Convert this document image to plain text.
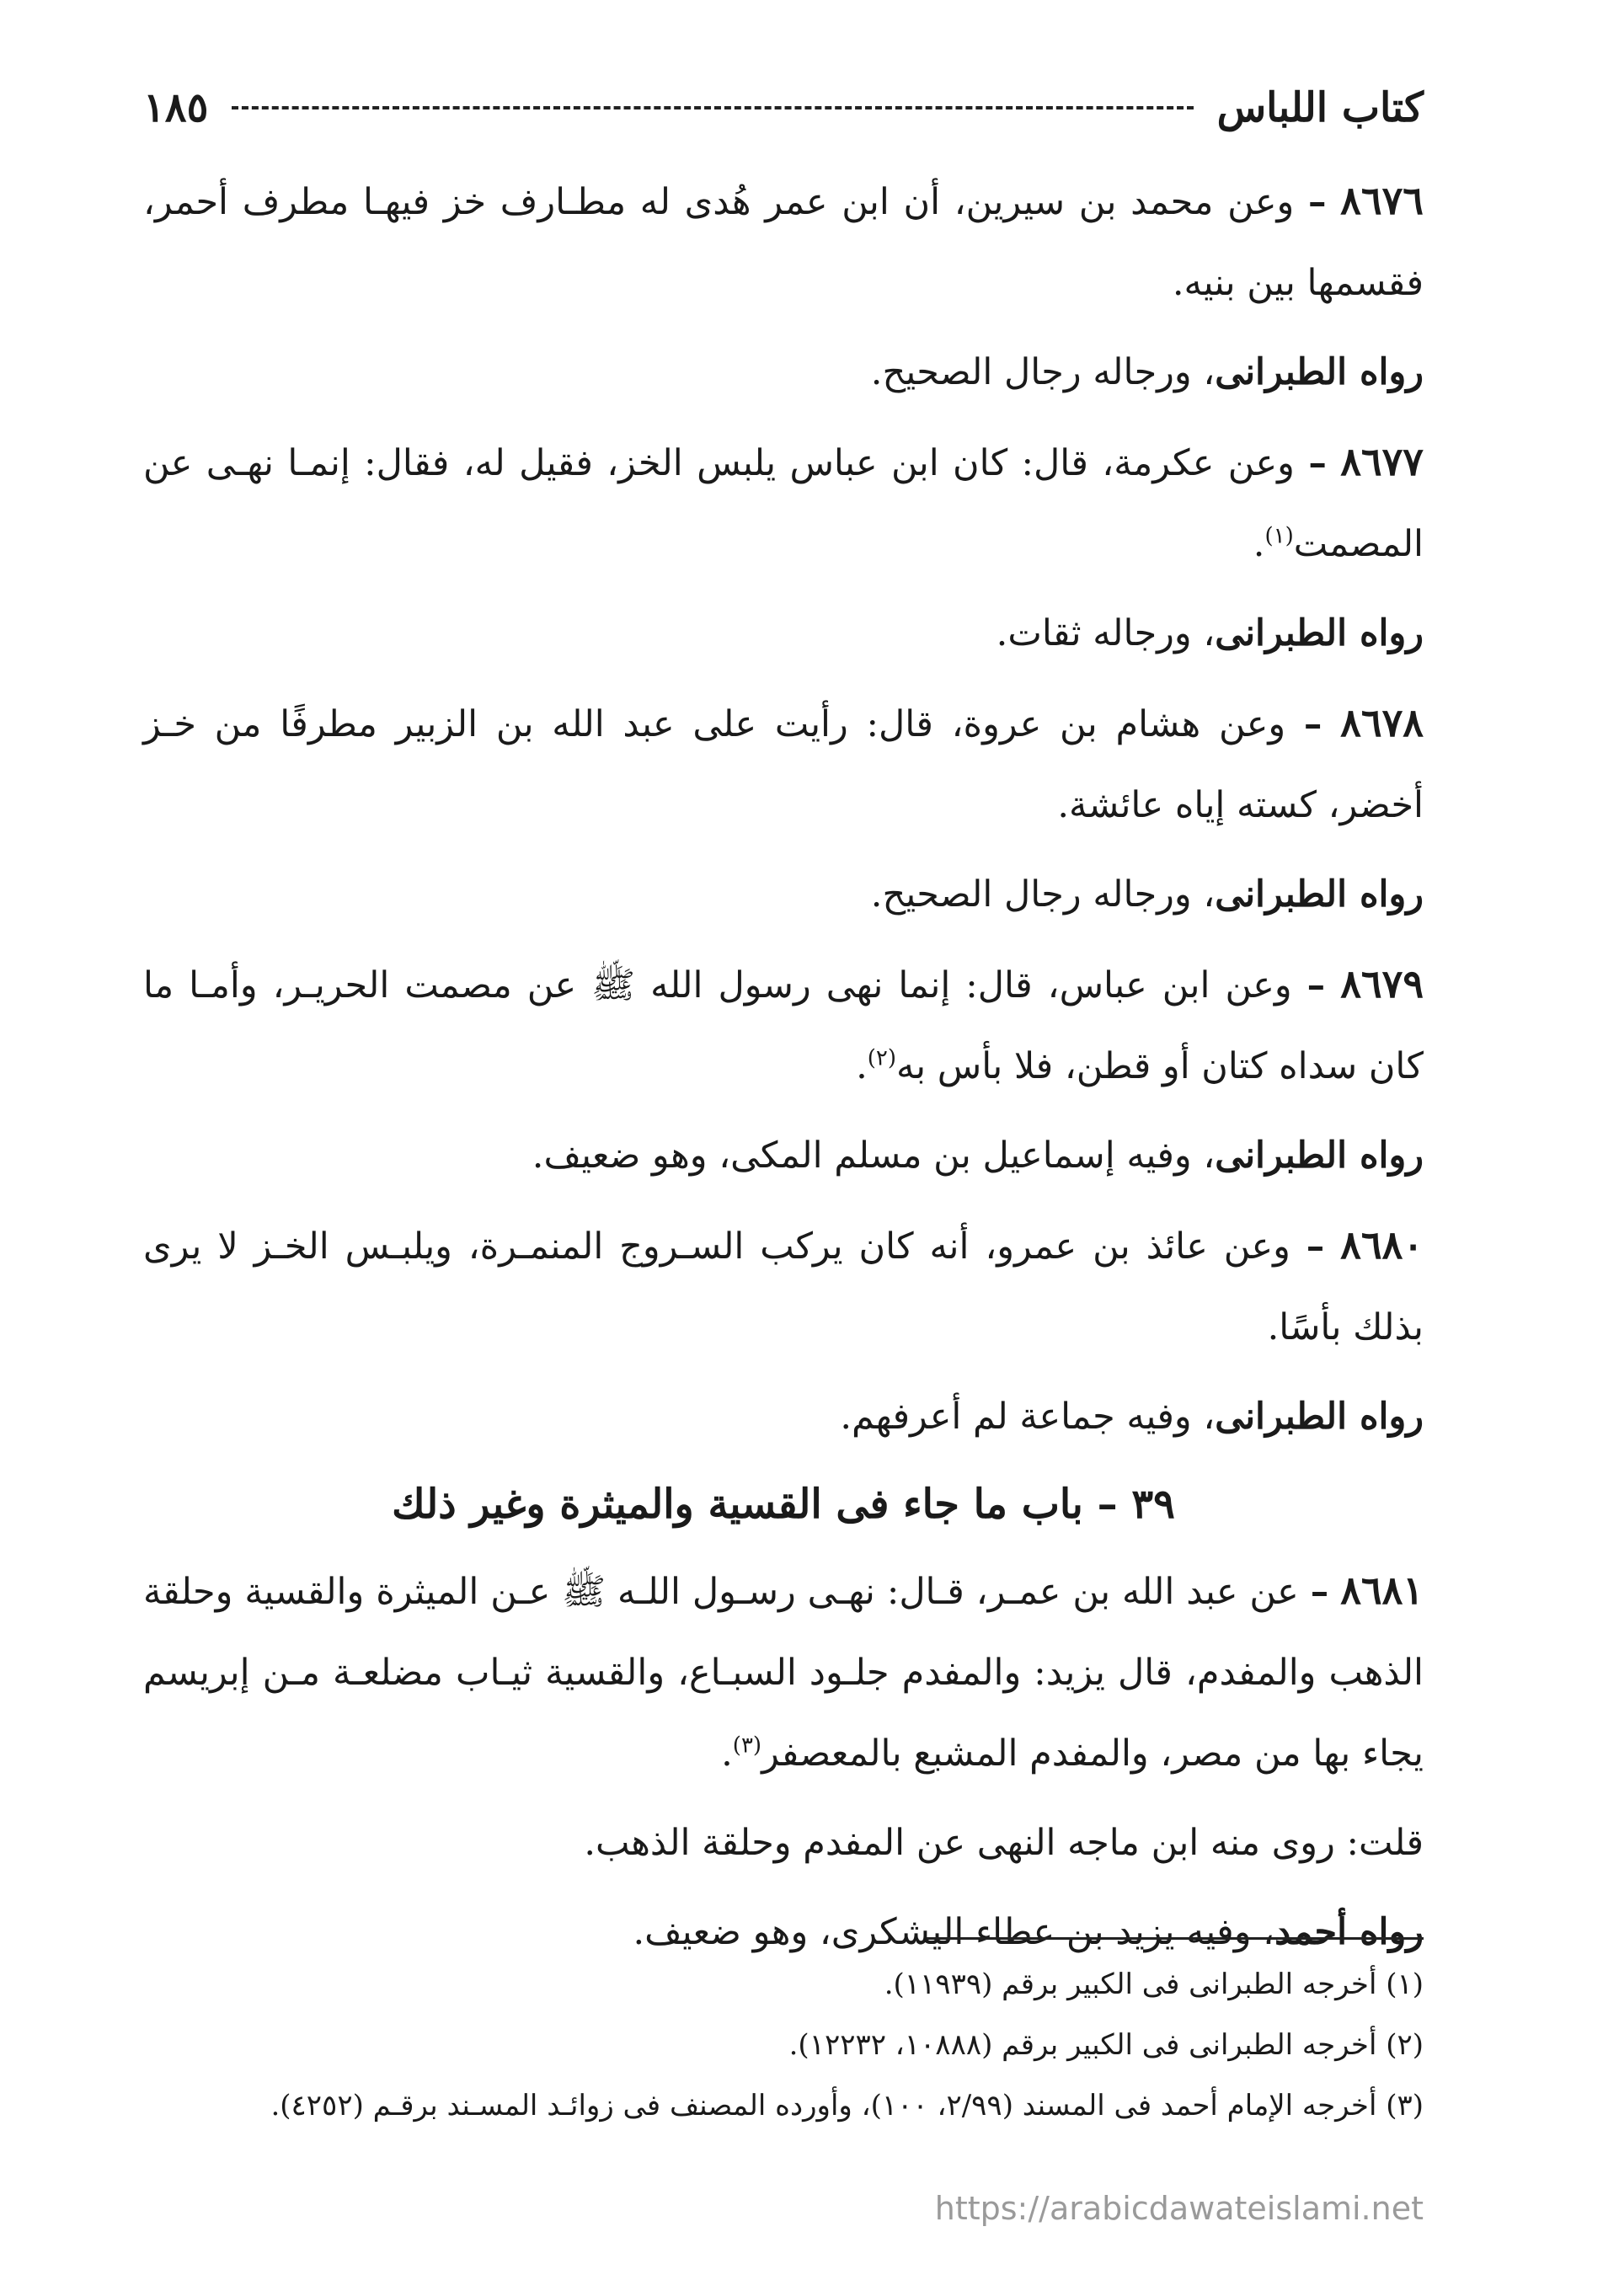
كتاب اللباس
١٨٥

٨٦٧٦ – وعن محمد بن سيرين، أن ابن عمر هُدى له مطـارف خز فيهـا مطرف أحمر، فقسمها بين بنيه.

رواه الطبرانى، ورجاله رجال الصحيح.

٨٦٧٧ – وعن عكرمة، قال: كان ابن عباس يلبس الخز، فقيل له، فقال: إنمـا نهـى عن المصمت$^{(١)}$.

رواه الطبرانى، ورجاله ثقات.

٨٦٧٨ – وعن هشام بن عروة، قال: رأيت على عبد الله بن الزبير مطرفًا من خـز أخضر، كسته إياه عائشة.

رواه الطبرانى، ورجاله رجال الصحيح.

٨٦٧٩ – وعن ابن عباس، قال: إنما نهى رسول الله ﷺ عن مصمت الحريـر، وأمـا ما كان سداه كتان أو قطن، فلا بأس به$^{(٢)}$.

رواه الطبرانى، وفيه إسماعيل بن مسلم المكى، وهو ضعيف.

٨٦٨٠ – وعن عائذ بن عمرو، أنه كان يركب السـروج المنمـرة، ويلبـس الخـز لا يرى بذلك بأسًا.

رواه الطبرانى، وفيه جماعة لم أعرفهم.

٣٩ – باب ما جاء فى القسية والميثرة وغير ذلك

٨٦٨١ – عن عبد الله بن عمـر، قـال: نهـى رسـول اللـه ﷺ عـن الميثرة والقسية وحلقة الذهب والمفدم، قال يزيد: والمفدم جلـود السبـاع، والقسية ثيـاب مضلعـة مـن إبريسم يجاء بها من مصر، والمفدم المشبع بالمعصفر$^{(٣)}$.

قلت: روى منه ابن ماجه النهى عن المفدم وحلقة الذهب.

رواه أحمد، وفيه يزيد بن عطاء اليشكرى، وهو ضعيف.

(١) أخرجه الطبرانى فى الكبير برقم (١١٩٣٩).

(٢) أخرجه الطبرانى فى الكبير برقم (١٠٨٨٨، ١٢٢٣٢).

(٣) أخرجه الإمام أحمد فى المسند (٢/٩٩، ١٠٠)، وأورده المصنف فى زوائـد المسـند برقـم (٤٢٥٢).

https://arabicdawateislami.net
